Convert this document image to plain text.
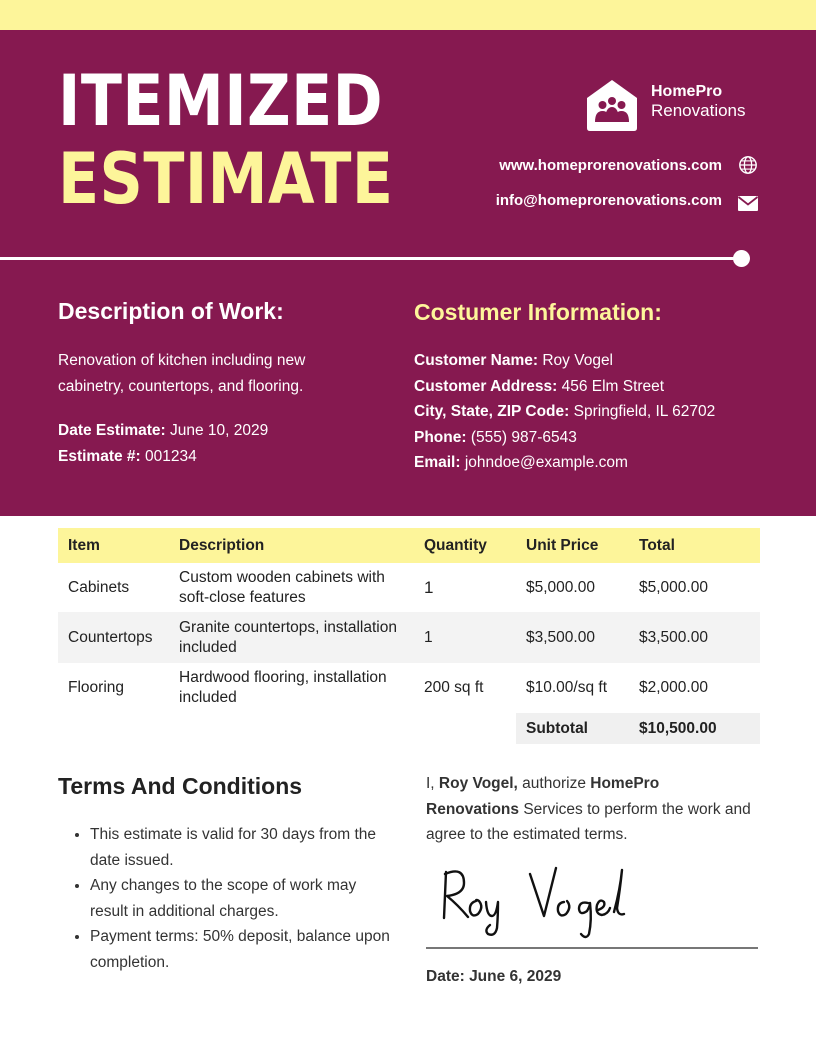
ITEMIZED
ESTIMATE
HomePro
Renovations
www.homeprorenovations.com
info@homeprorenovations.com
Description of Work:
Renovation of kitchen including new cabinetry, countertops, and flooring.
Date Estimate: June 10, 2029
Estimate #: 001234
Costumer Information:
Customer Name: Roy Vogel
Customer Address: 456 Elm Street
City, State, ZIP Code: Springfield, IL 62702
Phone: (555) 987-6543
Email: johndoe@example.com
Item	Description	Quantity	Unit Price	Total
Cabinets	Custom wooden cabinets with soft-close features	1	$5,000.00	$5,000.00
Countertops	Granite countertops, installation included	1	$3,500.00	$3,500.00
Flooring	Hardwood flooring, installation included	200 sq ft	$10.00/sq ft	$2,000.00
			Subtotal	$10,500.00
Terms And Conditions
• This estimate is valid for 30 days from the date issued.
• Any changes to the scope of work may result in additional charges.
• Payment terms: 50% deposit, balance upon completion.
I, Roy Vogel, authorize HomePro Renovations Services to perform the work and agree to the estimated terms.
Date: June 6, 2029
